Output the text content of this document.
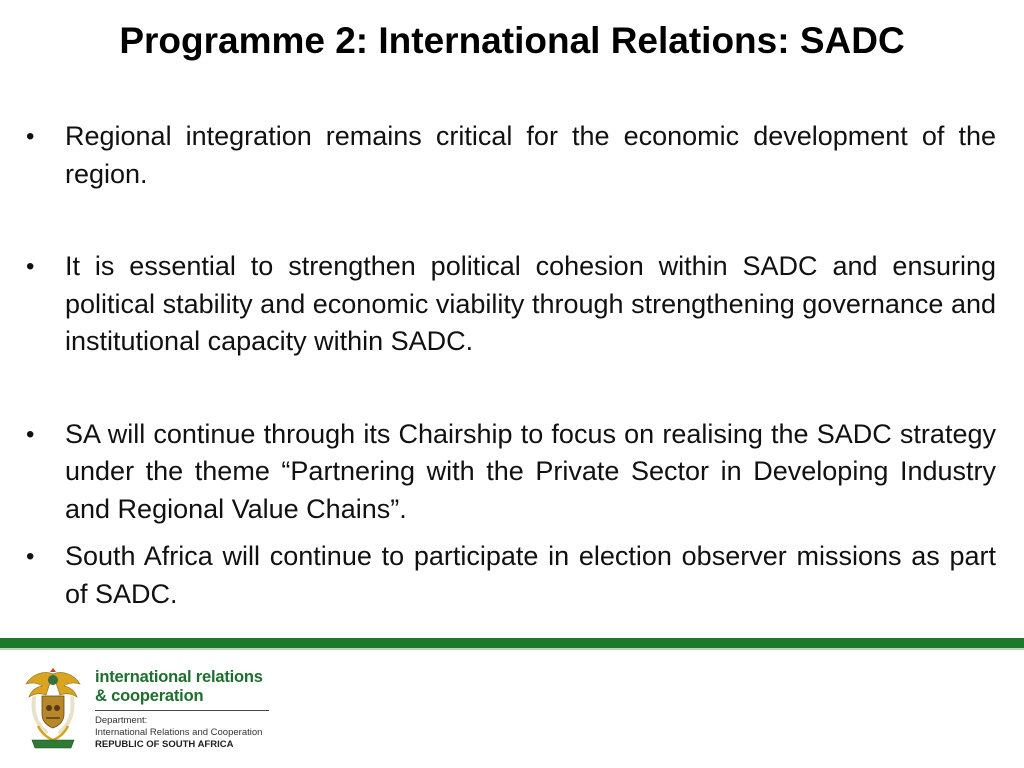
Programme 2: International Relations: SADC
• Regional integration remains critical for the economic development of the region.
• It is essential to strengthen political cohesion within SADC and ensuring political stability and economic viability through strengthening governance and institutional capacity within SADC.
• SA will continue through its Chairship to focus on realising the SADC strategy under the theme “Partnering with the Private Sector in Developing Industry and Regional Value Chains”.
• South Africa will continue to participate in election observer missions as part of SADC.
international relations
& cooperation
Department:
International Relations and Cooperation
REPUBLIC OF SOUTH AFRICA
